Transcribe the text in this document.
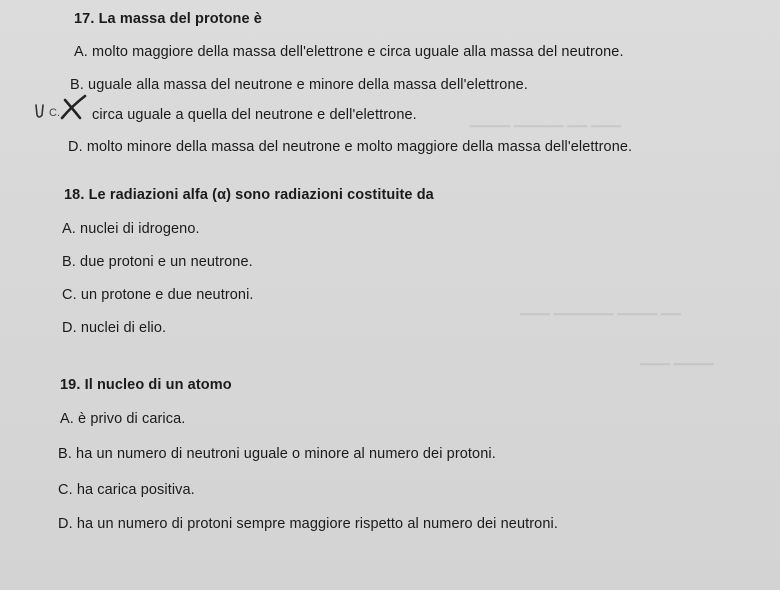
▁▁▁ ▁▁ ▁▁▁▁▁ ▁▁▁▁
▁▁ ▁▁▁▁ ▁▁▁▁▁▁ ▁▁▁
▁▁▁▁ ▁▁▁
17. La massa del protone è
A. molto maggiore della massa dell'elettrone e circa uguale alla massa del neutrone.
B. uguale alla massa del neutrone e minore della massa dell'elettrone.
C. circa uguale a quella del neutrone e dell'elettrone.
D. molto minore della massa del neutrone e molto maggiore della massa dell'elettrone.
18. Le radiazioni alfa (α) sono radiazioni costituite da
A. nuclei di idrogeno.
B. due protoni e un neutrone.
C. un protone e due neutroni.
D. nuclei di elio.
19. Il nucleo di un atomo
A. è privo di carica.
B. ha un numero di neutroni uguale o minore al numero dei protoni.
C. ha carica positiva.
D. ha un numero di protoni sempre maggiore rispetto al numero dei neutroni.
